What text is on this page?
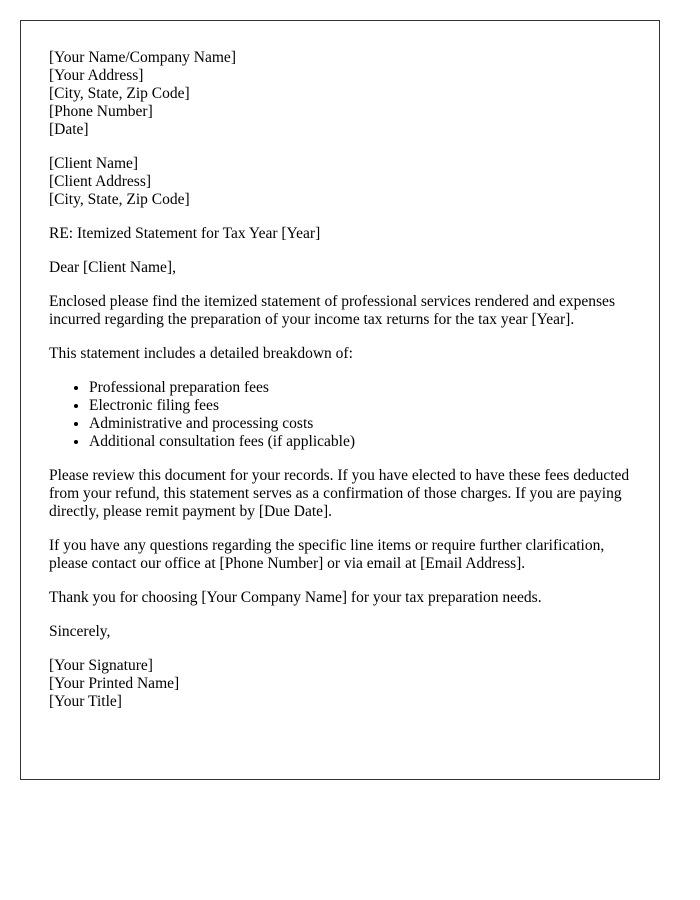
[Your Name/Company Name]
[Your Address]
[City, State, Zip Code]
[Phone Number]
[Date]
[Client Name]
[Client Address]
[City, State, Zip Code]

RE: Itemized Statement for Tax Year [Year]

Dear [Client Name],

Enclosed please find the itemized statement of professional services rendered and expenses incurred regarding the preparation of your income tax returns for the tax year [Year].

This statement includes a detailed breakdown of:

• Professional preparation fees
• Electronic filing fees
• Administrative and processing costs
• Additional consultation fees (if applicable)

Please review this document for your records. If you have elected to have these fees deducted from your refund, this statement serves as a confirmation of those charges. If you are paying directly, please remit payment by [Due Date].

If you have any questions regarding the specific line items or require further clarification, please contact our office at [Phone Number] or via email at [Email Address].

Thank you for choosing [Your Company Name] for your tax preparation needs.

Sincerely,

[Your Signature]
[Your Printed Name]
[Your Title]
